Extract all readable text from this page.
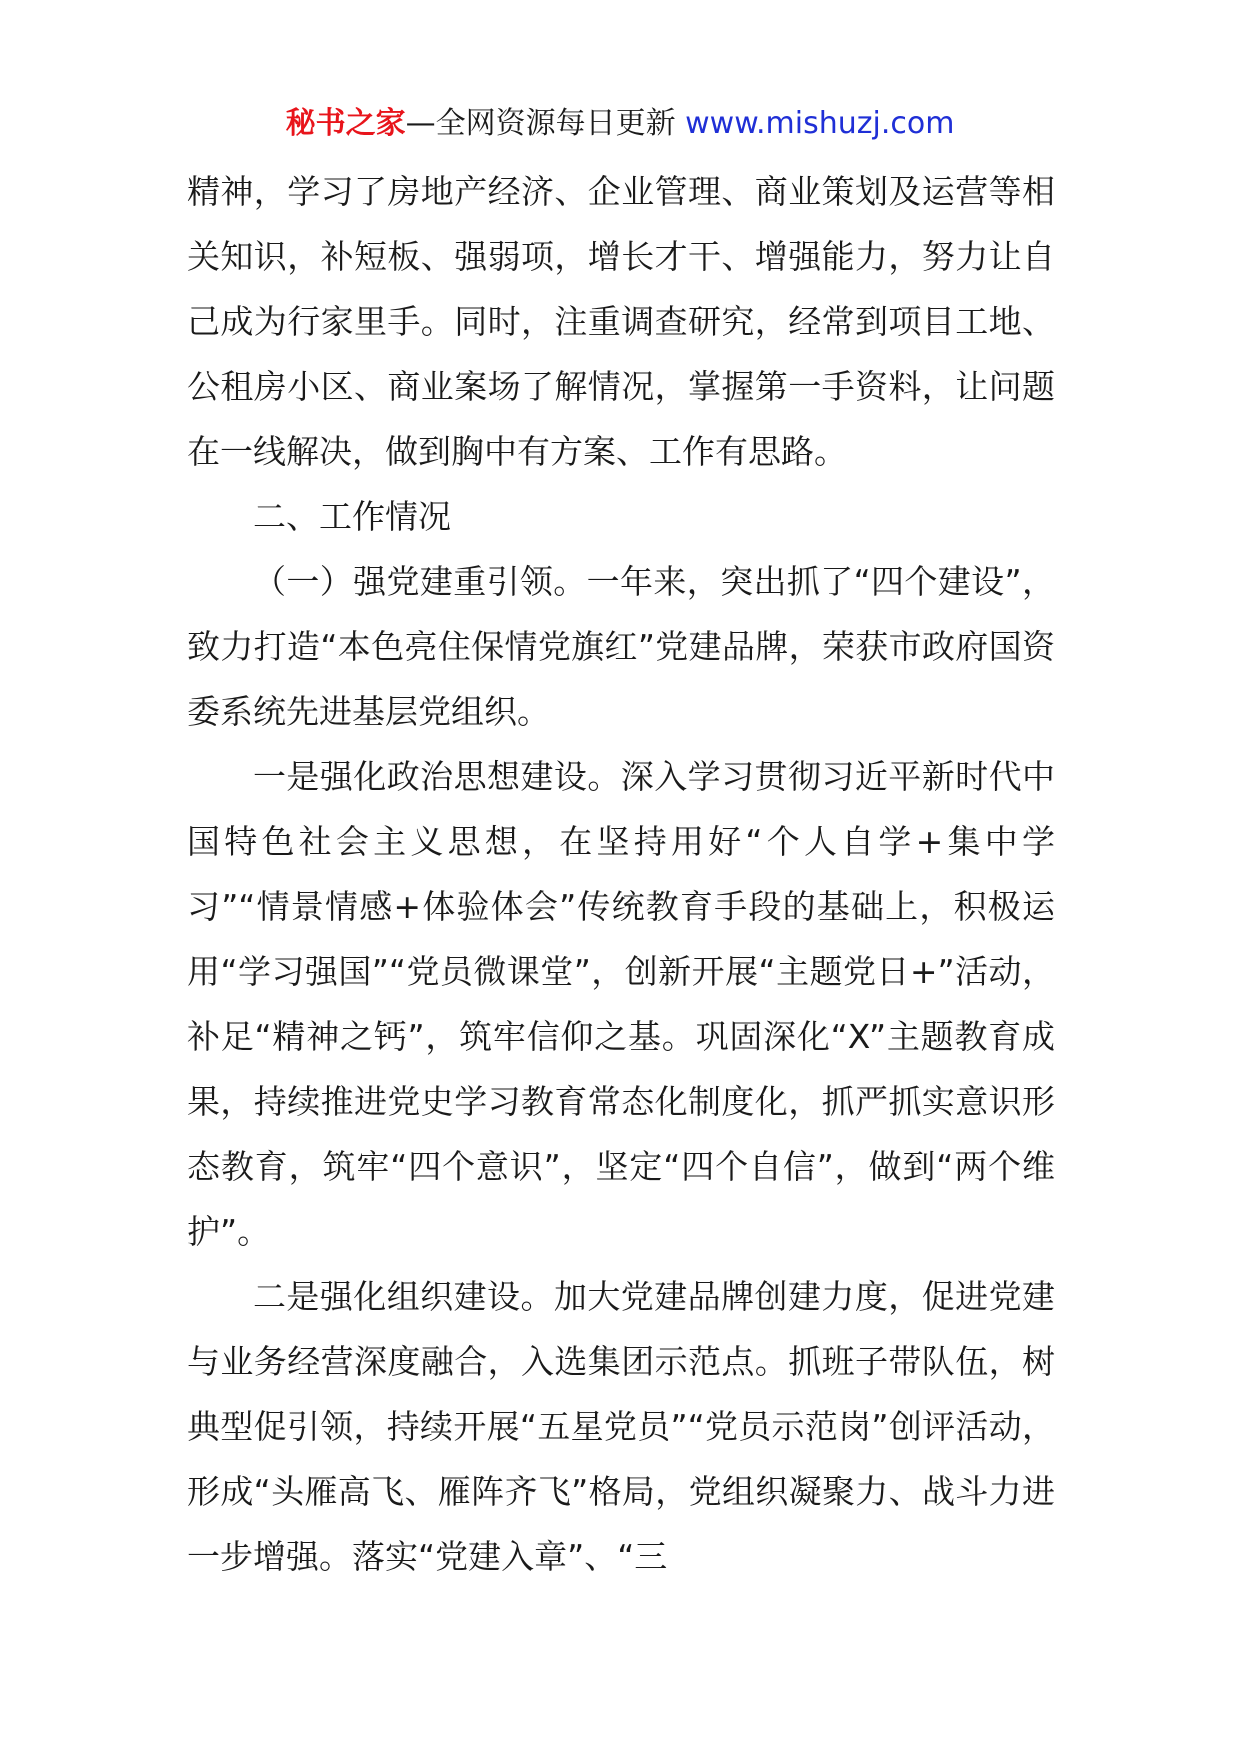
秘书之家—全网资源每日更新 www.mishuzj.com

精神，学习了房地产经济、企业管理、商业策划及运营等相关知识，补短板、强弱项，增长才干、增强能力，努力让自己成为行家里手。同时，注重调查研究，经常到项目工地、公租房小区、商业案场了解情况，掌握第一手资料，让问题在一线解决，做到胸中有方案、工作有思路。

二、工作情况

（一）强党建重引领。一年来，突出抓了“四个建设”，致力打造“本色亮住保情党旗红”党建品牌，荣获市政府国资委系统先进基层党组织。

一是强化政治思想建设。深入学习贯彻习近平新时代中国特色社会主义思想，在坚持用好“个人自学+集中学习”“情景情感+体验体会”传统教育手段的基础上，积极运用“学习强国”“党员微课堂”，创新开展“主题党日+”活动，补足“精神之钙”，筑牢信仰之基。巩固深化“X”主题教育成果，持续推进党史学习教育常态化制度化，抓严抓实意识形态教育，筑牢“四个意识”，坚定“四个自信”，做到“两个维护”。

二是强化组织建设。加大党建品牌创建力度，促进党建与业务经营深度融合，入选集团示范点。抓班子带队伍，树典型促引领，持续开展“五星党员”“党员示范岗”创评活动，形成“头雁高飞、雁阵齐飞”格局，党组织凝聚力、战斗力进一步增强。落实“党建入章”、“三
